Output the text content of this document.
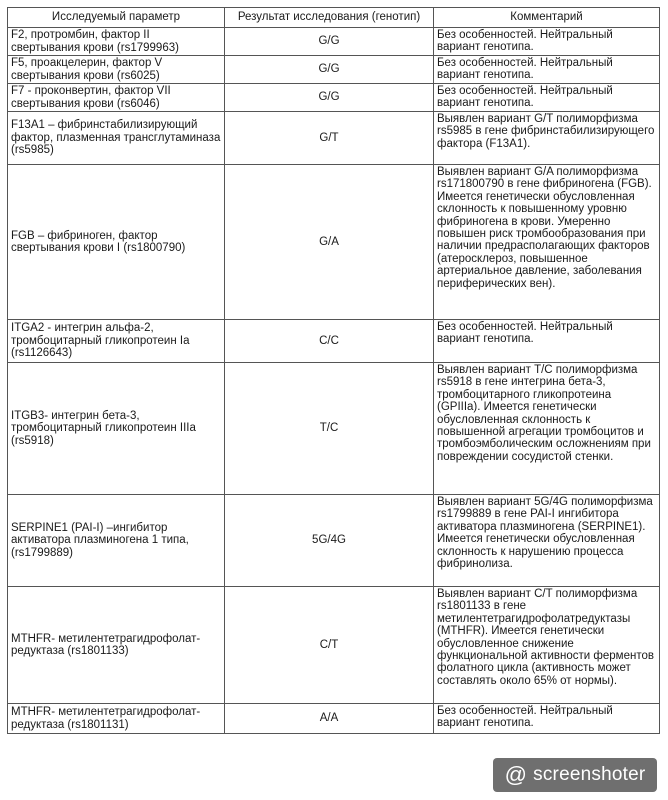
Исследуемый параметр	Результат исследования (генотип)	Комментарий
F2, протромбин, фактор II свертывания крови (rs1799963)	G/G	Без особенностей. Нейтральный вариант генотипа.
F5, проакцелерин, фактор V свертывания крови (rs6025)	G/G	Без особенностей. Нейтральный вариант генотипа.
F7 - проконвертин, фактор VII свертывания крови (rs6046)	G/G	Без особенностей. Нейтральный вариант генотипа.
F13A1 – фибринстабилизирующий фактор, плазменная трансглутаминаза (rs5985)	G/T	Выявлен вариант G/T полиморфизма rs5985 в гене фибринстабилизирующего фактора (F13A1).
FGB – фибриноген, фактор свертывания крови I (rs1800790)	G/A	Выявлен вариант G/A полиморфизма rs171800790 в гене фибриногена (FGB). Имеется генетически обусловленная склонность к повышенному уровню фибриногена в крови. Умеренно повышен риск тромбообразования при наличии предрасполагающих факторов (атеросклероз, повышенное артериальное давление, заболевания периферических вен).
ITGA2 - интегрин альфа-2, тромбоцитарный гликопротеин Ia (rs1126643)	C/C	Без особенностей. Нейтральный вариант генотипа.
ITGB3- интегрин бета-3, тромбоцитарный гликопротеин IIIa (rs5918)	T/C	Выявлен вариант T/C полиморфизма rs5918 в гене интегрина бета-3, тромбоцитарного гликопротеина (GPIIIa). Имеется генетически обусловленная склонность к повышенной агрегации тромбоцитов и тромбоэмболическим осложнениям при повреждении сосудистой стенки.
SERPINE1 (PAI-I) –ингибитор активатора плазминогена 1 типа, (rs1799889)	5G/4G	Выявлен вариант 5G/4G полиморфизма rs1799889 в гене PAI-I ингибитора активатора плазминогена (SERPINE1). Имеется генетически обусловленная склонность к нарушению процесса фибринолиза.
MTHFR- метилентетрагидрофолат-редуктаза (rs1801133)	C/T	Выявлен вариант C/T полиморфизма rs1801133 в гене метилентетрагидрофолатредуктазы (MTHFR). Имеется генетически обусловленное снижение функциональной активности ферментов фолатного цикла (активность может составлять около 65% от нормы).
MTHFR- метилентетрагидрофолат-редуктаза (rs1801131)	A/A	Без особенностей. Нейтральный вариант генотипа.
@ screenshoter
